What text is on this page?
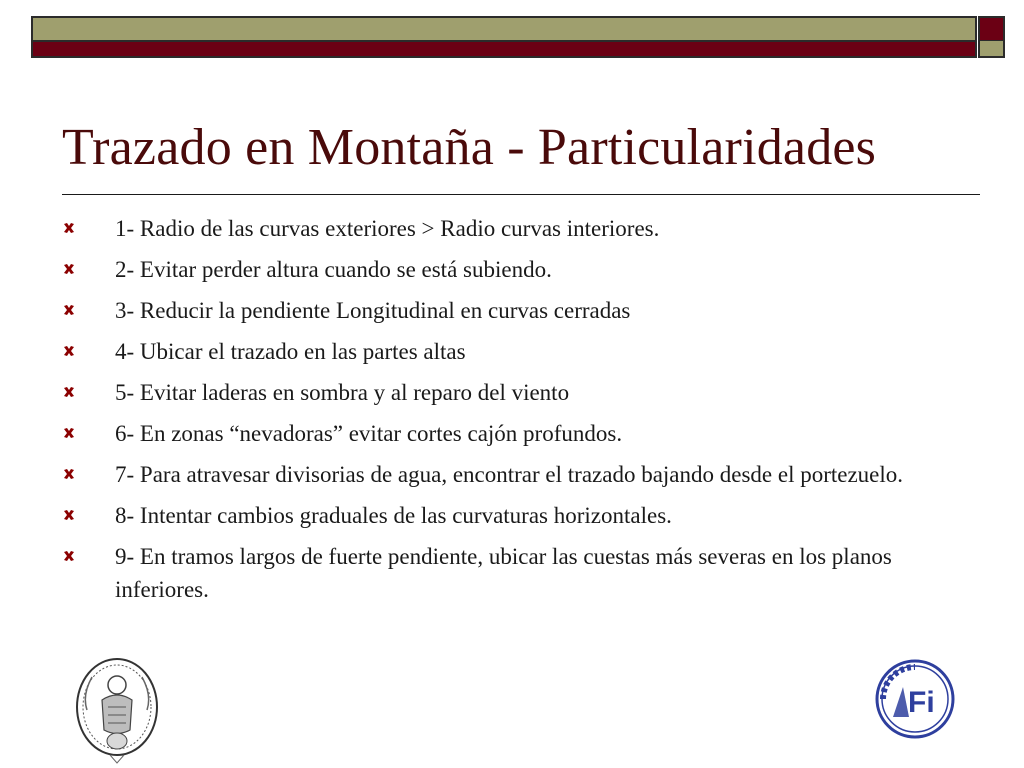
Trazado en Montaña - Particularidades
1- Radio de las curvas exteriores > Radio curvas interiores.
2- Evitar perder altura cuando se está subiendo.
3- Reducir la pendiente Longitudinal en curvas cerradas
4- Ubicar el trazado en las partes altas
5- Evitar laderas en sombra y al reparo del viento
6- En zonas “nevadoras” evitar cortes cajón profundos.
7- Para atravesar divisorias de agua, encontrar el trazado bajando desde el portezuelo.
8- Intentar cambios graduales de las curvaturas horizontales.
9- En tramos largos de fuerte pendiente, ubicar las cuestas más severas en los planos inferiores.
Fi
